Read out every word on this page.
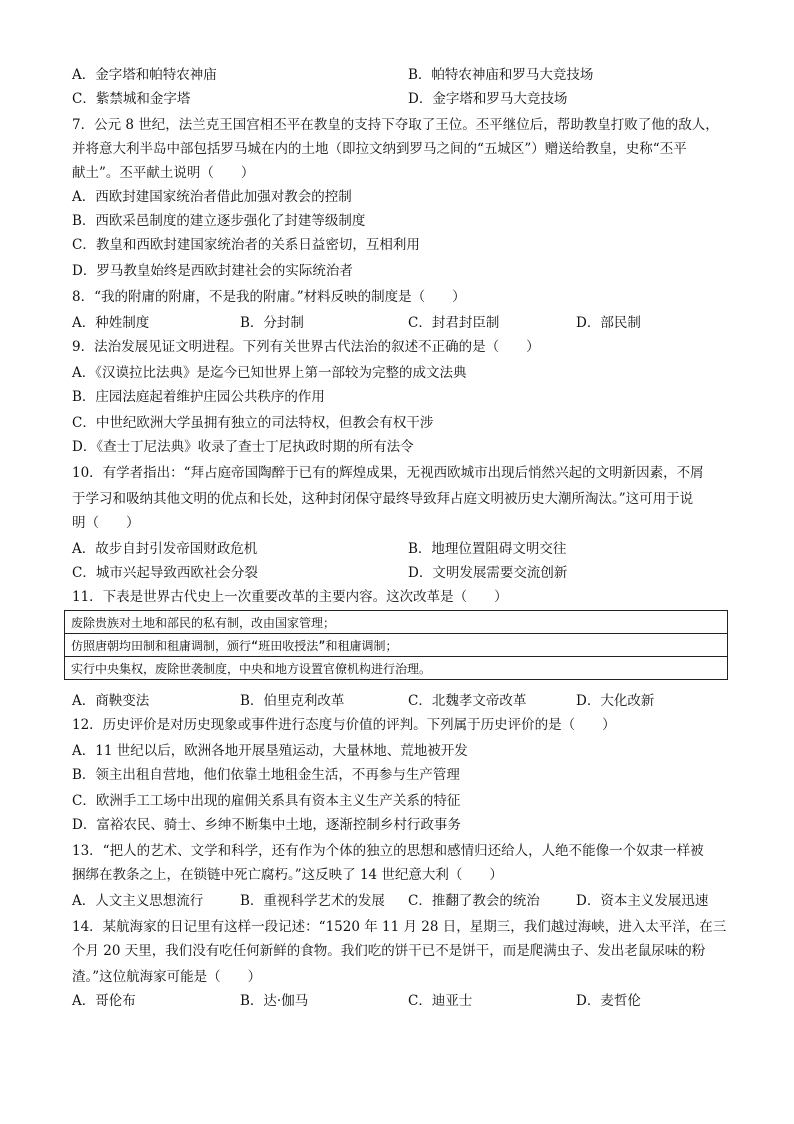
A．金字塔和帕特农神庙	B．帕特农神庙和罗马大竞技场
C．紫禁城和金字塔	D．金字塔和罗马大竞技场
7．公元 8 世纪，法兰克王国宫相丕平在教皇的支持下夺取了王位。丕平继位后，帮助教皇打败了他的敌人，
并将意大利半岛中部包括罗马城在内的土地（即拉文纳到罗马之间的“五城区”）赠送给教皇，史称“丕平
献土”。丕平献土说明（　　）
A．西欧封建国家统治者借此加强对教会的控制
B．西欧采邑制度的建立逐步强化了封建等级制度
C．教皇和西欧封建国家统治者的关系日益密切，互相利用
D．罗马教皇始终是西欧封建社会的实际统治者
8．“我的附庸的附庸，不是我的附庸。”材料反映的制度是（　　）
A．种姓制度	B．分封制	C．封君封臣制	D．部民制
9．法治发展见证文明进程。下列有关世界古代法治的叙述不正确的是（　　）
A．《汉谟拉比法典》是迄今已知世界上第一部较为完整的成文法典
B．庄园法庭起着维护庄园公共秩序的作用
C．中世纪欧洲大学虽拥有独立的司法特权，但教会有权干涉
D．《查士丁尼法典》收录了查士丁尼执政时期的所有法令
10．有学者指出：“拜占庭帝国陶醉于已有的辉煌成果，无视西欧城市出现后悄然兴起的文明新因素，不屑
于学习和吸纳其他文明的优点和长处，这种封闭保守最终导致拜占庭文明被历史大潮所淘汰。”这可用于说
明（　　）
A．故步自封引发帝国财政危机	B．地理位置阻碍文明交往
C．城市兴起导致西欧社会分裂	D．文明发展需要交流创新
11．下表是世界古代史上一次重要改革的主要内容。这次改革是（　　）
废除贵族对土地和部民的私有制，改由国家管理；
仿照唐朝均田制和租庸调制，颁行“班田收授法”和租庸调制；
实行中央集权，废除世袭制度，中央和地方设置官僚机构进行治理。
A．商鞅变法	B．伯里克利改革	C．北魏孝文帝改革	D．大化改新
12．历史评价是对历史现象或事件进行态度与价值的评判。下列属于历史评价的是（　　）
A．11 世纪以后，欧洲各地开展垦殖运动，大量林地、荒地被开发
B．领主出租自营地，他们依靠土地租金生活，不再参与生产管理
C．欧洲手工工场中出现的雇佣关系具有资本主义生产关系的特征
D．富裕农民、骑士、乡绅不断集中土地，逐渐控制乡村行政事务
13．“把人的艺术、文学和科学，还有作为个体的独立的思想和感情归还给人，人绝不能像一个奴隶一样被
捆绑在教条之上，在锁链中死亡腐朽。”这反映了 14 世纪意大利（　　）
A．人文主义思想流行	B．重视科学艺术的发展 C．推翻了教会的统治	D．资本主义发展迅速
14．某航海家的日记里有这样一段记述：“1520 年 11 月 28 日，星期三，我们越过海峡，进入太平洋，在三
个月 20 天里，我们没有吃任何新鲜的食物。我们吃的饼干已不是饼干，而是爬满虫子、发出老鼠尿味的粉
渣。”这位航海家可能是（　　）
A．哥伦布	B．达·伽马	C．迪亚士	D．麦哲伦
